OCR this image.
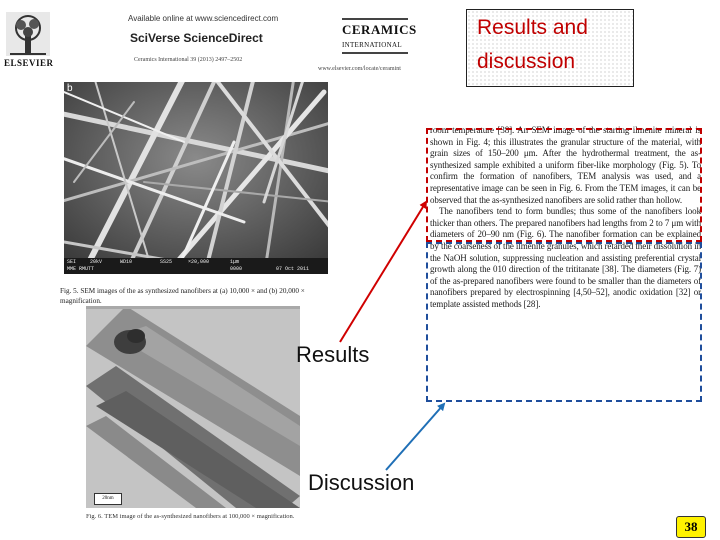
ELSEVIER
Available online at www.sciencedirect.com
SciVerse ScienceDirect
Ceramics International 39 (2013) 2497–2502
CERAMICS
INTERNATIONAL
www.elsevier.com/locate/ceramint
b
SEI	20kV	WD10	SS25	×20,000	1μm
MME RMUTT	0000	07 Oct 2011
Fig. 5. SEM images of the as synthesized nanofibers at (a) 10,000 × and (b) 20,000 × magnification.
20nm
Fig. 6. TEM image of the as-synthesized nanofibers at 100,000 × magnification.
Results and
discussion

room temperature [38]. An SEM image of the starting ilmenite mineral is shown in Fig. 4; this illustrates the granular structure of the material, with grain sizes of 150–200 μm. After the hydrothermal treatment, the as-synthesized sample exhibited a uniform fiber-like morphology (Fig. 5). To confirm the formation of nanofibers, TEM analysis was used, and a representative image can be seen in Fig. 6. From the TEM images, it can be observed that the as-synthesized nanofibers are solid rather than hollow.

The nanofibers tend to form bundles; thus some of the nanofibers look thicker than others. The prepared nanofibers had lengths from 2 to 7 μm with diameters of 20–90 nm (Fig. 6). The nanofiber formation can be explained by the coarseness of the ilmenite granules, which retarded their dissolution in the NaOH solution, suppressing nucleation and assisting preferential crystal growth along the 010 direction of the trititanate [38]. The diameters (Fig. 7) of the as-prepared nanofibers were found to be smaller than the diameters of nanofibers prepared by electrospinning [4,50–52], anodic oxidation [32] or template assisted methods [28].

Results
Discussion
38
